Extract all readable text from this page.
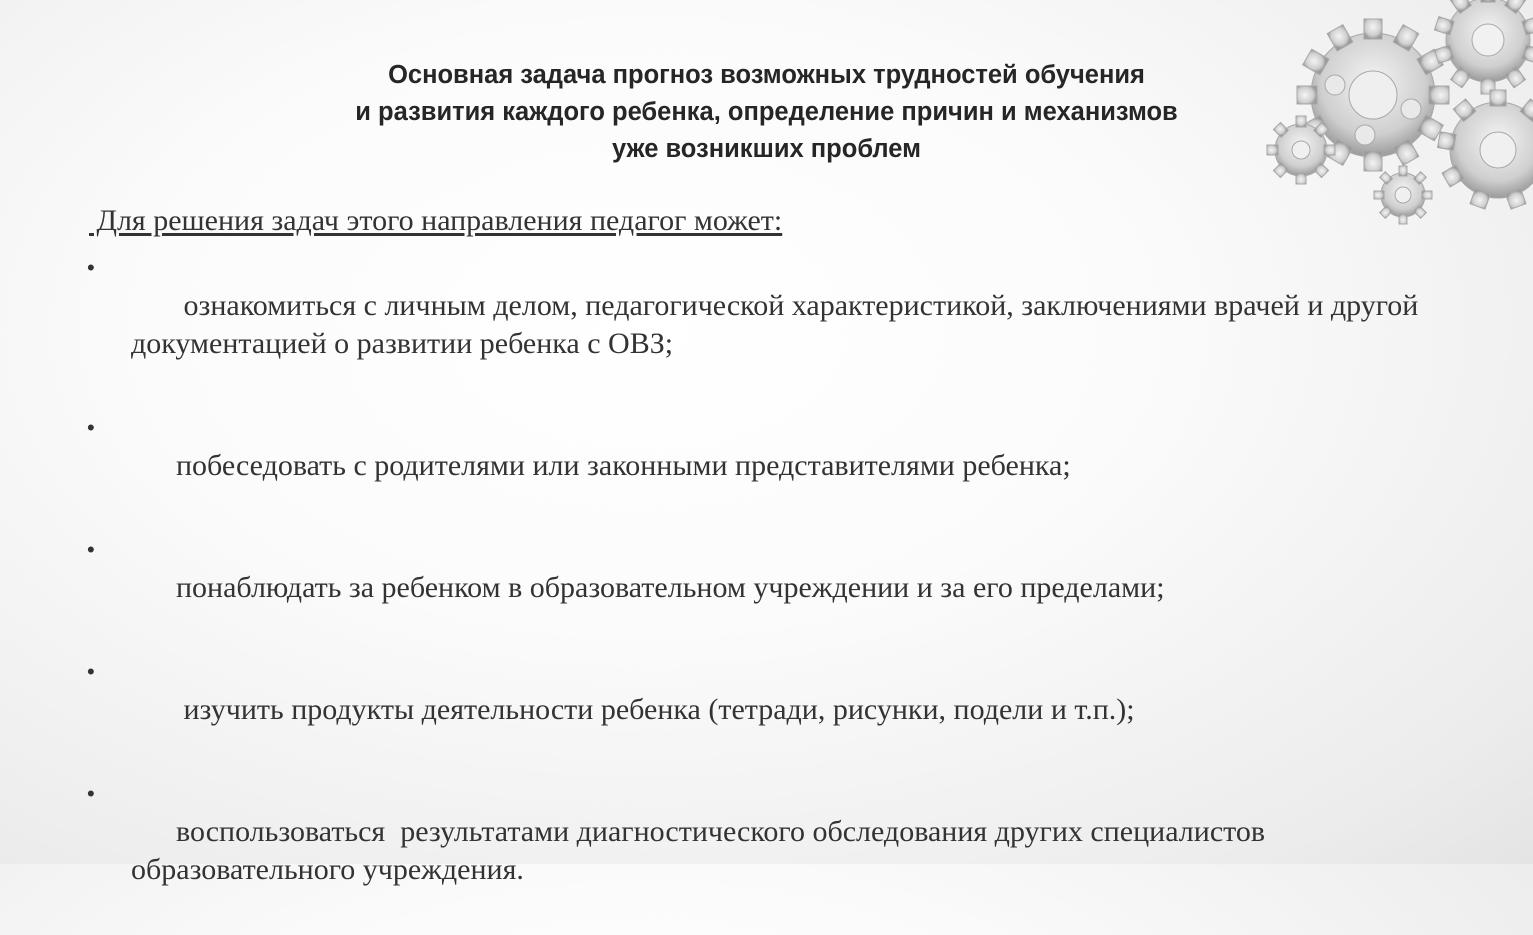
Основная задача прогноз возможных трудностей обучения
и развития каждого ребенка, определение причин и механизмов
уже возникших проблем
Для решения задач этого направления педагог может:

•
ознакомиться с личным делом, педагогической характеристикой, заключениями врачей и другой документацией о развитии ребенка с ОВЗ;

•
побеседовать с родителями или законными представителями ребенка;

•
понаблюдать за ребенком в образовательном учреждении и за его пределами;

•
изучить продукты деятельности ребенка (тетради, рисунки, подели и т.п.);

•
воспользоваться  результатами диагностического обследования других специалистов образовательного учреждения.
